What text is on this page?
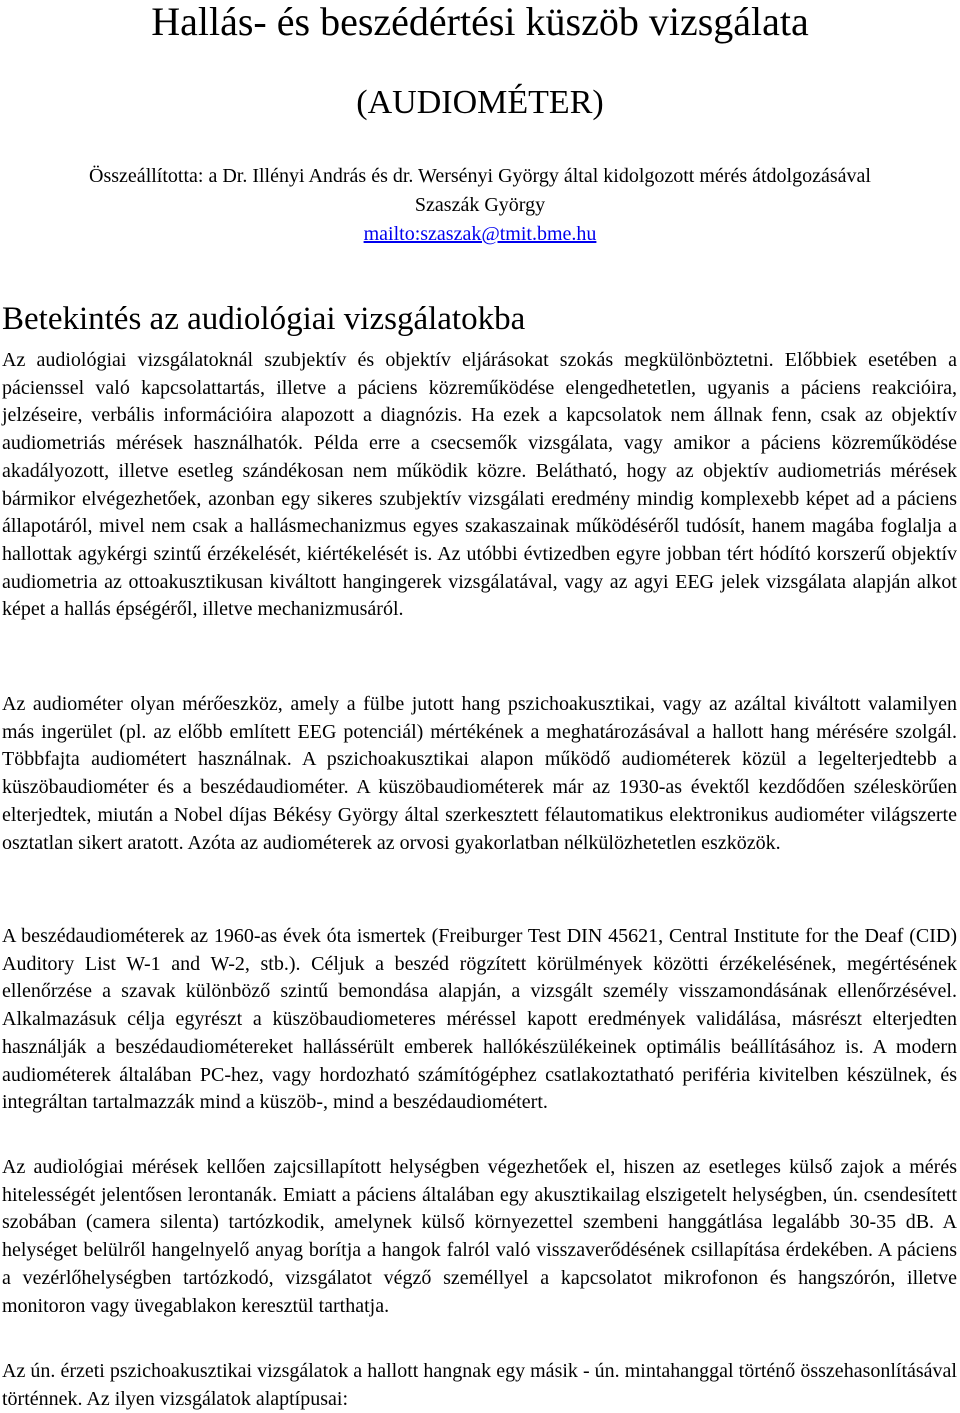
Hallás- és beszédértési küszöb vizsgálata
(AUDIOMÉTER)
Összeállította: a Dr. Illényi András és dr. Wersényi György által kidolgozott mérés átdolgozásával
Szaszák György
mailto:szaszak@tmit.bme.hu
Betekintés az audiológiai vizsgálatokba

Az audiológiai vizsgálatoknál szubjektív és objektív eljárásokat szokás megkülönböztetni. Előbbiek esetében a pácienssel való kapcsolattartás, illetve a páciens közreműködése elengedhetetlen, ugyanis a páciens reakcióira, jelzéseire, verbális információira alapozott a diagnózis. Ha ezek a kapcsolatok nem állnak fenn, csak az objektív audiometriás mérések használhatók. Példa erre a csecsemők vizsgálata, vagy amikor a páciens közreműködése akadályozott, illetve esetleg szándékosan nem működik közre. Belátható, hogy az objektív audiometriás mérések bármikor elvégezhetőek, azonban egy sikeres szubjektív vizsgálati eredmény mindig komplexebb képet ad a páciens állapotáról, mivel nem csak a hallásmechanizmus egyes szakaszainak működéséről tudósít, hanem magába foglalja a hallottak agykérgi szintű érzékelését, kiértékelését is. Az utóbbi évtizedben egyre jobban tért hódító korszerű objektív audiometria az ottoakusztikusan kiváltott hangingerek vizsgálatával, vagy az agyi EEG jelek vizsgálata alapján alkot képet a hallás épségéről, illetve mechanizmusáról.

Az audiométer olyan mérőeszköz, amely a fülbe jutott hang pszichoakusztikai, vagy az azáltal kiváltott valamilyen más ingerület (pl. az előbb említett EEG potenciál) mértékének a meghatározásával a hallott hang mérésére szolgál. Többfajta audiométert használnak. A pszichoakusztikai alapon működő audiométerek közül a legelterjedtebb a küszöbaudiométer és a beszédaudiométer. A küszöbaudiométerek már az 1930-as évektől kezdődően széleskörűen elterjedtek, miután a Nobel díjas Békésy György által szerkesztett félautomatikus elektronikus audiométer világszerte osztatlan sikert aratott. Azóta az audiométerek az orvosi gyakorlatban nélkülözhetetlen eszközök.

A beszédaudiométerek az 1960-as évek óta ismertek (Freiburger Test DIN 45621, Central Institute for the Deaf (CID) Auditory List W-1 and W-2, stb.). Céljuk a beszéd rögzített körülmények közötti érzékelésének, megértésének ellenőrzése a szavak különböző szintű bemondása alapján, a vizsgált személy visszamondásának ellenőrzésével. Alkalmazásuk célja egyrészt a küszöbaudiometeres méréssel kapott eredmények validálása, másrészt elterjedten használják a beszédaudiométereket hallássérült emberek hallókészülékeinek optimális beállításához is. A modern audiométerek általában PC-hez, vagy hordozható számítógéphez csatlakoztatható periféria kivitelben készülnek, és integráltan tartalmazzák mind a küszöb-, mind a beszédaudiométert.

Az audiológiai mérések kellően zajcsillapított helységben végezhetőek el, hiszen az esetleges külső zajok a mérés hitelességét jelentősen lerontanák. Emiatt a páciens általában egy akusztikailag elszigetelt helységben, ún. csendesített szobában (camera silenta) tartózkodik, amelynek külső környezettel szembeni hanggátlása legalább 30-35 dB. A helységet belülről hangelnyelő anyag borítja a hangok falról való visszaverődésének csillapítása érdekében. A páciens a vezérlőhelységben tartózkodó, vizsgálatot végző személlyel a kapcsolatot mikrofonon és hangszórón, illetve monitoron vagy üvegablakon keresztül tarthatja.

Az ún. érzeti pszichoakusztikai vizsgálatok a hallott hangnak egy másik - ún. mintahanggal történő összehasonlításával történnek. Az ilyen vizsgálatok alaptípusai:
